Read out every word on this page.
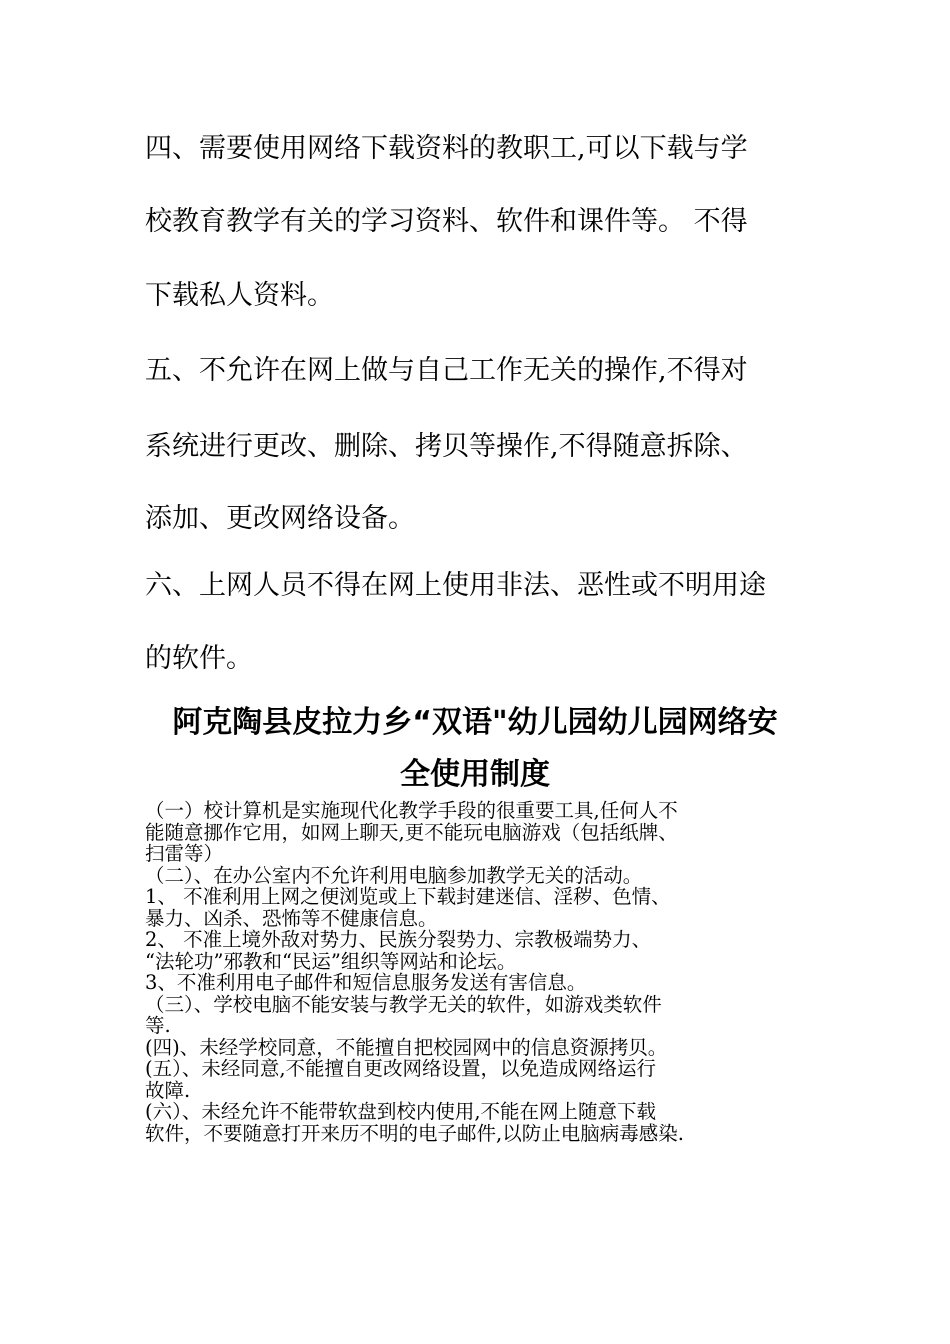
四、需要使用网络下载资料的教职工,可以下载与学

校教育教学有关的学习资料、软件和课件等。 不得

下载私人资料。

五、不允许在网上做与自己工作无关的操作,不得对

系统进行更改、删除、拷贝等操作,不得随意拆除、

添加、更改网络设备。

六、上网人员不得在网上使用非法、恶性或不明用途

的软件。

阿克陶县皮拉力乡“双语"幼儿园幼儿园网络安
全使用制度

（一）校计算机是实施现代化教学手段的很重要工具,任何人不

能随意挪作它用，如网上聊天,更不能玩电脑游戏（包括纸牌、

扫雷等）

（二）、在办公室内不允许利用电脑参加教学无关的活动。

1、 不准利用上网之便浏览或上下载封建迷信、淫秽、色情、

暴力、凶杀、恐怖等不健康信息。

2、 不准上境外敌对势力、民族分裂势力、宗教极端势力、

“法轮功”邪教和“民运”组织等网站和论坛。

3、不准利用电子邮件和短信息服务发送有害信息。

（三）、学校电脑不能安装与教学无关的软件，如游戏类软件

等.

(四)、未经学校同意，不能擅自把校园网中的信息资源拷贝。

(五）、未经同意,不能擅自更改网络设置，以免造成网络运行

故障.

(六）、未经允许不能带软盘到校内使用,不能在网上随意下载

软件，不要随意打开来历不明的电子邮件,以防止电脑病毒感染.
